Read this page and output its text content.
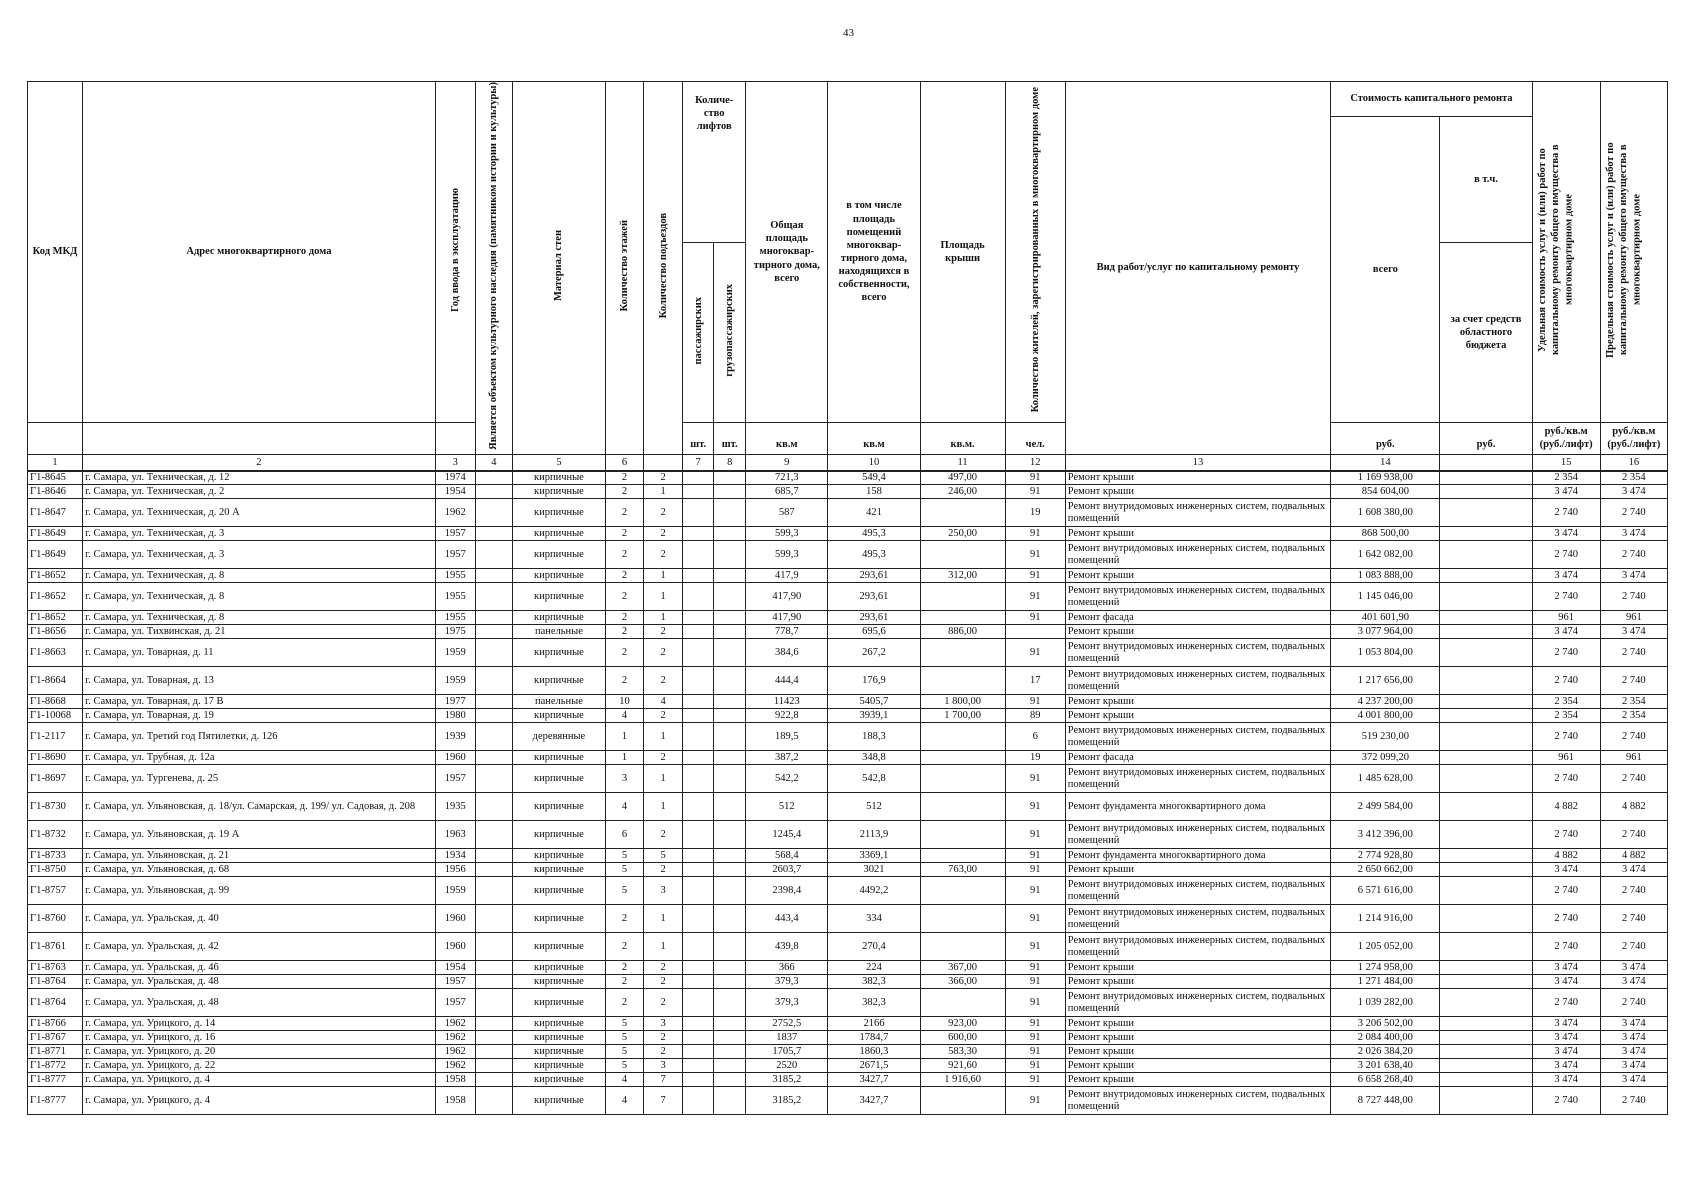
43
Код МКД	Адрес многоквартирного дома	Год ввода в эксплуатацию	Является объектом культурного наследия (памятником истории и культуры)	Материал стен	Количество этажей	Количество подъездов	Количе-ство лифтов		Общая площадь многоквар-тирного дома, всего	в том числе площадь помещений многоквар-тирного дома, находящихся в собственности, всего	Площадь крыши	Количество жителей, зарегистрированных в многоквартирном доме	Вид работ/услуг по капитальному ремонту	Стоимость капитального ремонта		Удельная стоимость услуг и (или) работ по капитальному ремонту общего имущества в многоквартирном доме	Предельная стоимость услуг и (или) работ по капитальному ремонту общего имущества в многоквартирном доме
														всего	в т.ч.		
							пассажирских	грузопассажирских							за счет средств областного бюджета		
							шт.	шт.	кв.м	кв.м	кв.м.	чел.		руб.	руб.	руб./кв.м (руб./лифт)	руб./кв.м (руб./лифт)
1	2	3	4	5	6		7	8	9	10	11	12	13	14		15	16
Г1-8645	г. Самара, ул. Техническая, д. 12	1974		кирпичные	2	2			721,3	549,4	497,00	91	Ремонт крыши	1 169 938,00		2 354	2 354
Г1-8646	г. Самара, ул. Техническая, д. 2	1954		кирпичные	2	1			685,7	158	246,00	91	Ремонт крыши	854 604,00		3 474	3 474
Г1-8647	г. Самара, ул. Техническая, д. 20 А	1962		кирпичные	2	2			587	421		19	Ремонт внутридомовых инженерных систем, подвальных помещений	1 608 380,00		2 740	2 740
Г1-8649	г. Самара, ул. Техническая, д. 3	1957		кирпичные	2	2			599,3	495,3	250,00	91	Ремонт крыши	868 500,00		3 474	3 474
Г1-8649	г. Самара, ул. Техническая, д. 3	1957		кирпичные	2	2			599,3	495,3		91	Ремонт внутридомовых инженерных систем, подвальных помещений	1 642 082,00		2 740	2 740
Г1-8652	г. Самара, ул. Техническая, д. 8	1955		кирпичные	2	1			417,9	293,61	312,00	91	Ремонт крыши	1 083 888,00		3 474	3 474
Г1-8652	г. Самара, ул. Техническая, д. 8	1955		кирпичные	2	1			417,90	293,61		91	Ремонт внутридомовых инженерных систем, подвальных помещений	1 145 046,00		2 740	2 740
Г1-8652	г. Самара, ул. Техническая, д. 8	1955		кирпичные	2	1			417,90	293,61		91	Ремонт фасада	401 601,90		961	961
Г1-8656	г. Самара, ул. Тихвинская, д. 21	1975		панельные	2	2			778,7	695,6	886,00		Ремонт крыши	3 077 964,00		3 474	3 474
Г1-8663	г. Самара, ул. Товарная, д. 11	1959		кирпичные	2	2			384,6	267,2		91	Ремонт внутридомовых инженерных систем, подвальных помещений	1 053 804,00		2 740	2 740
Г1-8664	г. Самара, ул. Товарная, д. 13	1959		кирпичные	2	2			444,4	176,9		17	Ремонт внутридомовых инженерных систем, подвальных помещений	1 217 656,00		2 740	2 740
Г1-8668	г. Самара, ул. Товарная, д. 17 В	1977		панельные	10	4			11423	5405,7	1 800,00	91	Ремонт крыши	4 237 200,00		2 354	2 354
Г1-10068	г. Самара, ул. Товарная, д. 19	1980		кирпичные	4	2			922,8	3939,1	1 700,00	89	Ремонт крыши	4 001 800,00		2 354	2 354
Г1-2117	г. Самара, ул. Третий год Пятилетки, д. 126	1939		деревянные	1	1			189,5	188,3		6	Ремонт внутридомовых инженерных систем, подвальных помещений	519 230,00		2 740	2 740
Г1-8690	г. Самара, ул. Трубная, д. 12а	1960		кирпичные	1	2			387,2	348,8		19	Ремонт фасада	372 099,20		961	961
Г1-8697	г. Самара, ул. Тургенева, д. 25	1957		кирпичные	3	1			542,2	542,8		91	Ремонт внутридомовых инженерных систем, подвальных помещений	1 485 628,00		2 740	2 740
Г1-8730	г. Самара, ул. Ульяновская, д. 18/ул. Самарская, д. 199/ ул. Садовая, д. 208	1935		кирпичные	4	1			512	512		91	Ремонт фундамента многоквартирного дома	2 499 584,00		4 882	4 882
Г1-8732	г. Самара, ул. Ульяновская, д. 19 А	1963		кирпичные	6	2			1245,4	2113,9		91	Ремонт внутридомовых инженерных систем, подвальных помещений	3 412 396,00		2 740	2 740
Г1-8733	г. Самара, ул. Ульяновская, д. 21	1934		кирпичные	5	5			568,4	3369,1		91	Ремонт фундамента многоквартирного дома	2 774 928,80		4 882	4 882
Г1-8750	г. Самара, ул. Ульяновская, д. 68	1956		кирпичные	5	2			2603,7	3021	763,00	91	Ремонт крыши	2 650 662,00		3 474	3 474
Г1-8757	г. Самара, ул. Ульяновская, д. 99	1959		кирпичные	5	3			2398,4	4492,2		91	Ремонт внутридомовых инженерных систем, подвальных помещений	6 571 616,00		2 740	2 740
Г1-8760	г. Самара, ул. Уральская, д. 40	1960		кирпичные	2	1			443,4	334		91	Ремонт внутридомовых инженерных систем, подвальных помещений	1 214 916,00		2 740	2 740
Г1-8761	г. Самара, ул. Уральская, д. 42	1960		кирпичные	2	1			439,8	270,4		91	Ремонт внутридомовых инженерных систем, подвальных помещений	1 205 052,00		2 740	2 740
Г1-8763	г. Самара, ул. Уральская, д. 46	1954		кирпичные	2	2			366	224	367,00	91	Ремонт крыши	1 274 958,00		3 474	3 474
Г1-8764	г. Самара, ул. Уральская, д. 48	1957		кирпичные	2	2			379,3	382,3	366,00	91	Ремонт крыши	1 271 484,00		3 474	3 474
Г1-8764	г. Самара, ул. Уральская, д. 48	1957		кирпичные	2	2			379,3	382,3		91	Ремонт внутридомовых инженерных систем, подвальных помещений	1 039 282,00		2 740	2 740
Г1-8766	г. Самара, ул. Урицкого, д. 14	1962		кирпичные	5	3			2752,5	2166	923,00	91	Ремонт крыши	3 206 502,00		3 474	3 474
Г1-8767	г. Самара, ул. Урицкого, д. 16	1962		кирпичные	5	2			1837	1784,7	600,00	91	Ремонт крыши	2 084 400,00		3 474	3 474
Г1-8771	г. Самара, ул. Урицкого, д. 20	1962		кирпичные	5	2			1705,7	1860,3	583,30	91	Ремонт крыши	2 026 384,20		3 474	3 474
Г1-8772	г. Самара, ул. Урицкого, д. 22	1962		кирпичные	5	3			2520	2671,5	921,60	91	Ремонт крыши	3 201 638,40		3 474	3 474
Г1-8777	г. Самара, ул. Урицкого, д. 4	1958		кирпичные	4	7			3185,2	3427,7	1 916,60	91	Ремонт крыши	6 658 268,40		3 474	3 474
Г1-8777	г. Самара, ул. Урицкого, д. 4	1958		кирпичные	4	7			3185,2	3427,7		91	Ремонт внутридомовых инженерных систем, подвальных помещений	8 727 448,00		2 740	2 740
